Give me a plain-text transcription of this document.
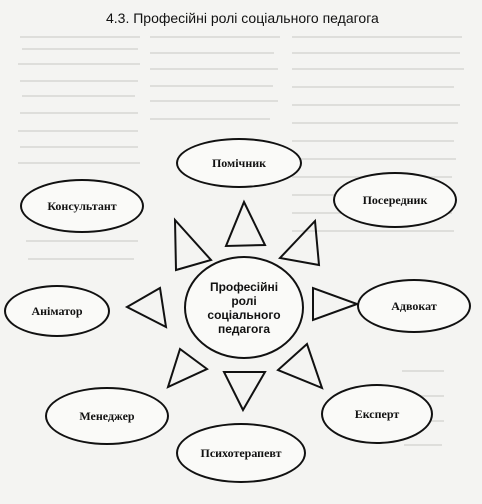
4.3. Професійні ролі соціального педагога
Професійні
ролі
соціального
педагога
Помічник
Консультант	Посередник
Аніматор	Адвокат
Менеджер	Експерт
Психотерапевт
